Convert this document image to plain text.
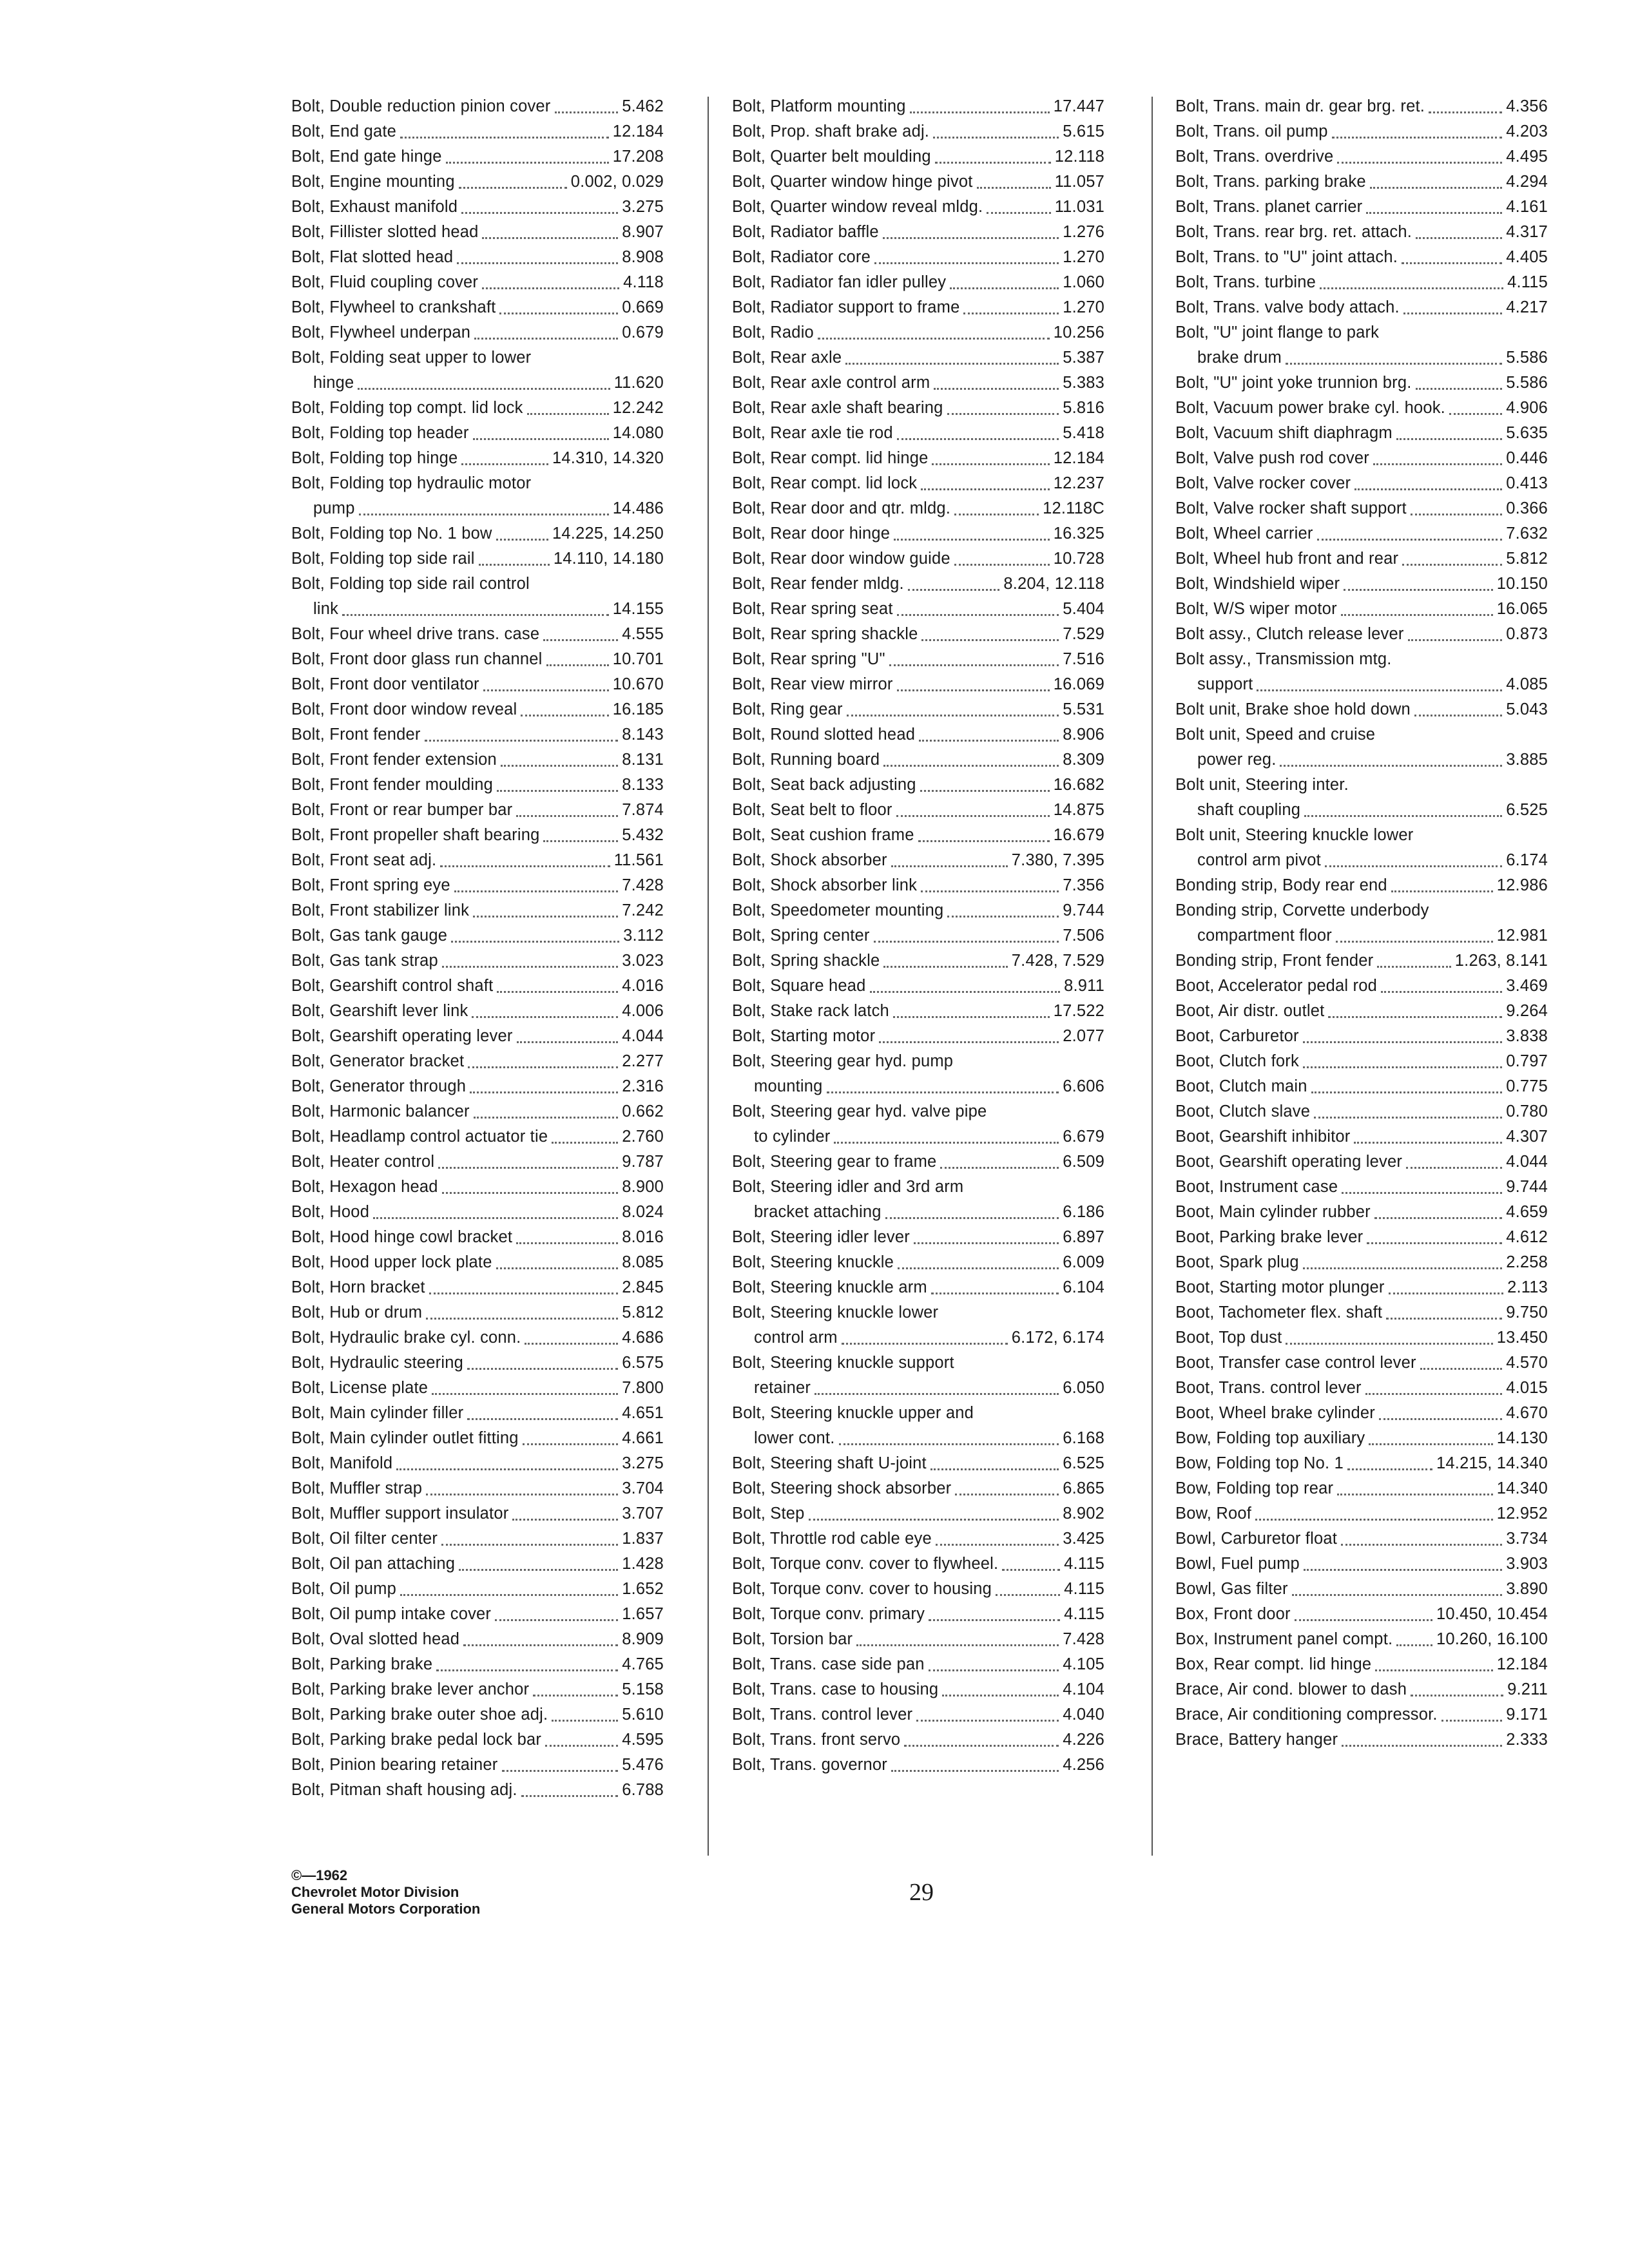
Bolt, Double reduction pinion cover	5.462
Bolt, End gate	12.184
Bolt, End gate hinge	17.208
Bolt, Engine mounting	0.002, 0.029
Bolt, Exhaust manifold	3.275
Bolt, Fillister slotted head	8.907
Bolt, Flat slotted head	8.908
Bolt, Fluid coupling cover	4.118
Bolt, Flywheel to crankshaft	0.669
Bolt, Flywheel underpan	0.679
Bolt, Folding seat upper to lower
hinge	11.620
Bolt, Folding top compt. lid lock	12.242
Bolt, Folding top header	14.080
Bolt, Folding top hinge	14.310, 14.320
Bolt, Folding top hydraulic motor
pump	14.486
Bolt, Folding top No. 1 bow	14.225, 14.250
Bolt, Folding top side rail	14.110, 14.180
Bolt, Folding top side rail control
link	14.155
Bolt, Four wheel drive trans. case	4.555
Bolt, Front door glass run channel	10.701
Bolt, Front door ventilator	10.670
Bolt, Front door window reveal	16.185
Bolt, Front fender	8.143
Bolt, Front fender extension	8.131
Bolt, Front fender moulding	8.133
Bolt, Front or rear bumper bar	7.874
Bolt, Front propeller shaft bearing	5.432
Bolt, Front seat adj.	11.561
Bolt, Front spring eye	7.428
Bolt, Front stabilizer link	7.242
Bolt, Gas tank gauge	3.112
Bolt, Gas tank strap	3.023
Bolt, Gearshift control shaft	4.016
Bolt, Gearshift lever link	4.006
Bolt, Gearshift operating lever	4.044
Bolt, Generator bracket	2.277
Bolt, Generator through	2.316
Bolt, Harmonic balancer	0.662
Bolt, Headlamp control actuator tie	2.760
Bolt, Heater control	9.787
Bolt, Hexagon head	8.900
Bolt, Hood	8.024
Bolt, Hood hinge cowl bracket	8.016
Bolt, Hood upper lock plate	8.085
Bolt, Horn bracket	2.845
Bolt, Hub or drum	5.812
Bolt, Hydraulic brake cyl. conn.	4.686
Bolt, Hydraulic steering	6.575
Bolt, License plate	7.800
Bolt, Main cylinder filler	4.651
Bolt, Main cylinder outlet fitting	4.661
Bolt, Manifold	3.275
Bolt, Muffler strap	3.704
Bolt, Muffler support insulator	3.707
Bolt, Oil filter center	1.837
Bolt, Oil pan attaching	1.428
Bolt, Oil pump	1.652
Bolt, Oil pump intake cover	1.657
Bolt, Oval slotted head	8.909
Bolt, Parking brake	4.765
Bolt, Parking brake lever anchor	5.158
Bolt, Parking brake outer shoe adj.	5.610
Bolt, Parking brake pedal lock bar	4.595
Bolt, Pinion bearing retainer	5.476
Bolt, Pitman shaft housing adj.	6.788
Bolt, Platform mounting	17.447
Bolt, Prop. shaft brake adj.	5.615
Bolt, Quarter belt moulding	12.118
Bolt, Quarter window hinge pivot	11.057
Bolt, Quarter window reveal mldg.	11.031
Bolt, Radiator baffle	1.276
Bolt, Radiator core	1.270
Bolt, Radiator fan idler pulley	1.060
Bolt, Radiator support to frame	1.270
Bolt, Radio	10.256
Bolt, Rear axle	5.387
Bolt, Rear axle control arm	5.383
Bolt, Rear axle shaft bearing	5.816
Bolt, Rear axle tie rod	5.418
Bolt, Rear compt. lid hinge	12.184
Bolt, Rear compt. lid lock	12.237
Bolt, Rear door and qtr. mldg.	12.118C
Bolt, Rear door hinge	16.325
Bolt, Rear door window guide	10.728
Bolt, Rear fender mldg.	8.204, 12.118
Bolt, Rear spring seat	5.404
Bolt, Rear spring shackle	7.529
Bolt, Rear spring "U"	7.516
Bolt, Rear view mirror	16.069
Bolt, Ring gear	5.531
Bolt, Round slotted head	8.906
Bolt, Running board	8.309
Bolt, Seat back adjusting	16.682
Bolt, Seat belt to floor	14.875
Bolt, Seat cushion frame	16.679
Bolt, Shock absorber	7.380, 7.395
Bolt, Shock absorber link	7.356
Bolt, Speedometer mounting	9.744
Bolt, Spring center	7.506
Bolt, Spring shackle	7.428, 7.529
Bolt, Square head	8.911
Bolt, Stake rack latch	17.522
Bolt, Starting motor	2.077
Bolt, Steering gear hyd. pump
mounting	6.606
Bolt, Steering gear hyd. valve pipe
to cylinder	6.679
Bolt, Steering gear to frame	6.509
Bolt, Steering idler and 3rd arm
bracket attaching	6.186
Bolt, Steering idler lever	6.897
Bolt, Steering knuckle	6.009
Bolt, Steering knuckle arm	6.104
Bolt, Steering knuckle lower
control arm	6.172, 6.174
Bolt, Steering knuckle support
retainer	6.050
Bolt, Steering knuckle upper and
lower cont.	6.168
Bolt, Steering shaft U-joint	6.525
Bolt, Steering shock absorber	6.865
Bolt, Step	8.902
Bolt, Throttle rod cable eye	3.425
Bolt, Torque conv. cover to flywheel.	4.115
Bolt, Torque conv. cover to housing	4.115
Bolt, Torque conv. primary	4.115
Bolt, Torsion bar	7.428
Bolt, Trans. case side pan	4.105
Bolt, Trans. case to housing	4.104
Bolt, Trans. control lever	4.040
Bolt, Trans. front servo	4.226
Bolt, Trans. governor	4.256
Bolt, Trans. main dr. gear brg. ret.	4.356
Bolt, Trans. oil pump	4.203
Bolt, Trans. overdrive	4.495
Bolt, Trans. parking brake	4.294
Bolt, Trans. planet carrier	4.161
Bolt, Trans. rear brg. ret. attach.	4.317
Bolt, Trans. to "U" joint attach.	4.405
Bolt, Trans. turbine	4.115
Bolt, Trans. valve body attach.	4.217
Bolt, "U" joint flange to park
brake drum	5.586
Bolt, "U" joint yoke trunnion brg.	5.586
Bolt, Vacuum power brake cyl. hook.	4.906
Bolt, Vacuum shift diaphragm	5.635
Bolt, Valve push rod cover	0.446
Bolt, Valve rocker cover	0.413
Bolt, Valve rocker shaft support	0.366
Bolt, Wheel carrier	7.632
Bolt, Wheel hub front and rear	5.812
Bolt, Windshield wiper	10.150
Bolt, W/S wiper motor	16.065
Bolt assy., Clutch release lever	0.873
Bolt assy., Transmission mtg.
support	4.085
Bolt unit, Brake shoe hold down	5.043
Bolt unit, Speed and cruise
power reg.	3.885
Bolt unit, Steering inter.
shaft coupling	6.525
Bolt unit, Steering knuckle lower
control arm pivot	6.174
Bonding strip, Body rear end	12.986
Bonding strip, Corvette underbody
compartment floor	12.981
Bonding strip, Front fender	1.263, 8.141
Boot, Accelerator pedal rod	3.469
Boot, Air distr. outlet	9.264
Boot, Carburetor	3.838
Boot, Clutch fork	0.797
Boot, Clutch main	0.775
Boot, Clutch slave	0.780
Boot, Gearshift inhibitor	4.307
Boot, Gearshift operating lever	4.044
Boot, Instrument case	9.744
Boot, Main cylinder rubber	4.659
Boot, Parking brake lever	4.612
Boot, Spark plug	2.258
Boot, Starting motor plunger	2.113
Boot, Tachometer flex. shaft	9.750
Boot, Top dust	13.450
Boot, Transfer case control lever	4.570
Boot, Trans. control lever	4.015
Boot, Wheel brake cylinder	4.670
Bow, Folding top auxiliary	14.130
Bow, Folding top No. 1	14.215, 14.340
Bow, Folding top rear	14.340
Bow, Roof	12.952
Bowl, Carburetor float	3.734
Bowl, Fuel pump	3.903
Bowl, Gas filter	3.890
Box, Front door	10.450, 10.454
Box, Instrument panel compt.	10.260, 16.100
Box, Rear compt. lid hinge	12.184
Brace, Air cond. blower to dash	9.211
Brace, Air conditioning compressor.	9.171
Brace, Battery hanger	2.333
©—1962
Chevrolet Motor Division
General Motors Corporation
29
